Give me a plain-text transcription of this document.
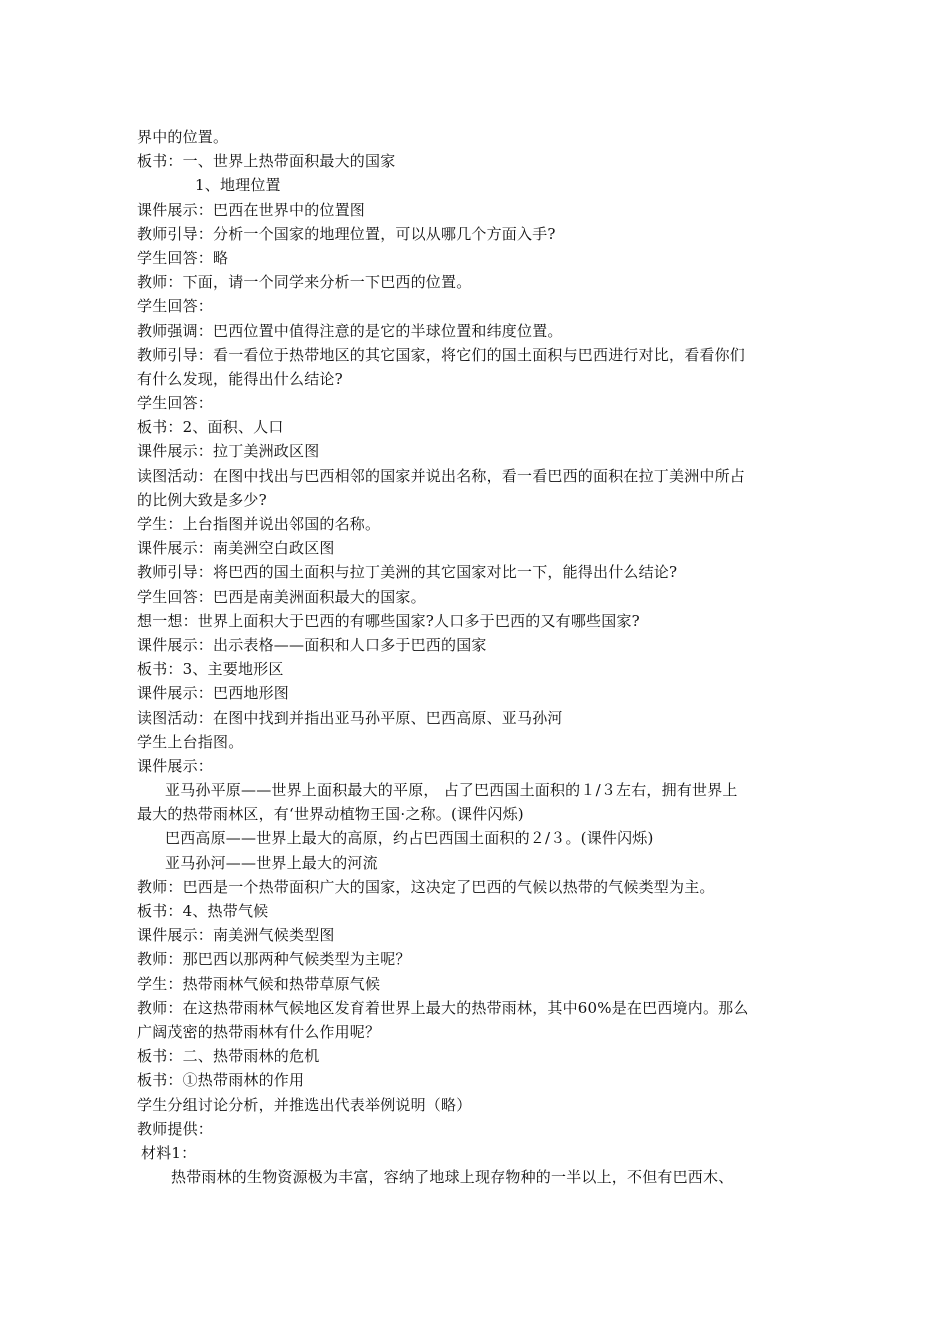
界中的位置。
板书：一、世界上热带面积最大的国家
1、地理位置
课件展示：巴西在世界中的位置图
教师引导：分析一个国家的地理位置，可以从哪几个方面入手?
学生回答：略
教师：下面，请一个同学来分析一下巴西的位置。
学生回答：
教师强调：巴西位置中值得注意的是它的半球位置和纬度位置。
教师引导：看一看位于热带地区的其它国家，将它们的国土面积与巴西进行对比，看看你们
有什么发现，能得出什么结论?
学生回答：
板书：2、面积、人口
课件展示：拉丁美洲政区图
读图活动：在图中找出与巴西相邻的国家并说出名称，看一看巴西的面积在拉丁美洲中所占
的比例大致是多少?
学生：上台指图并说出邻国的名称。
课件展示：南美洲空白政区图
教师引导：将巴西的国土面积与拉丁美洲的其它国家对比一下，能得出什么结论?
学生回答：巴西是南美洲面积最大的国家。
想一想：世界上面积大于巴西的有哪些国家?人口多于巴西的又有哪些国家?
课件展示：出示表格——面积和人口多于巴西的国家
板书：3、主要地形区
课件展示：巴西地形图
读图活动：在图中找到并指出亚马孙平原、巴西高原、亚马孙河
学生上台指图。
课件展示：
亚马孙平原——世界上面积最大的平原， 占了巴西国土面积的１/３左右，拥有世界上
最大的热带雨林区，有‘世界动植物王国·之称。(课件闪烁)
巴西高原——世界上最大的高原，约占巴西国土面积的２/３。(课件闪烁)
亚马孙河——世界上最大的河流
教师：巴西是一个热带面积广大的国家，这决定了巴西的气候以热带的气候类型为主。
板书：4、热带气候
课件展示：南美洲气候类型图
教师：那巴西以那两种气候类型为主呢？
学生：热带雨林气候和热带草原气候
教师：在这热带雨林气候地区发育着世界上最大的热带雨林，其中60%是在巴西境内。那么
广阔茂密的热带雨林有什么作用呢？
板书：二、热带雨林的危机
板书：①热带雨林的作用
学生分组讨论分析，并推选出代表举例说明（略）
教师提供：
材料1：
热带雨林的生物资源极为丰富，容纳了地球上现存物种的一半以上，不但有巴西木、
